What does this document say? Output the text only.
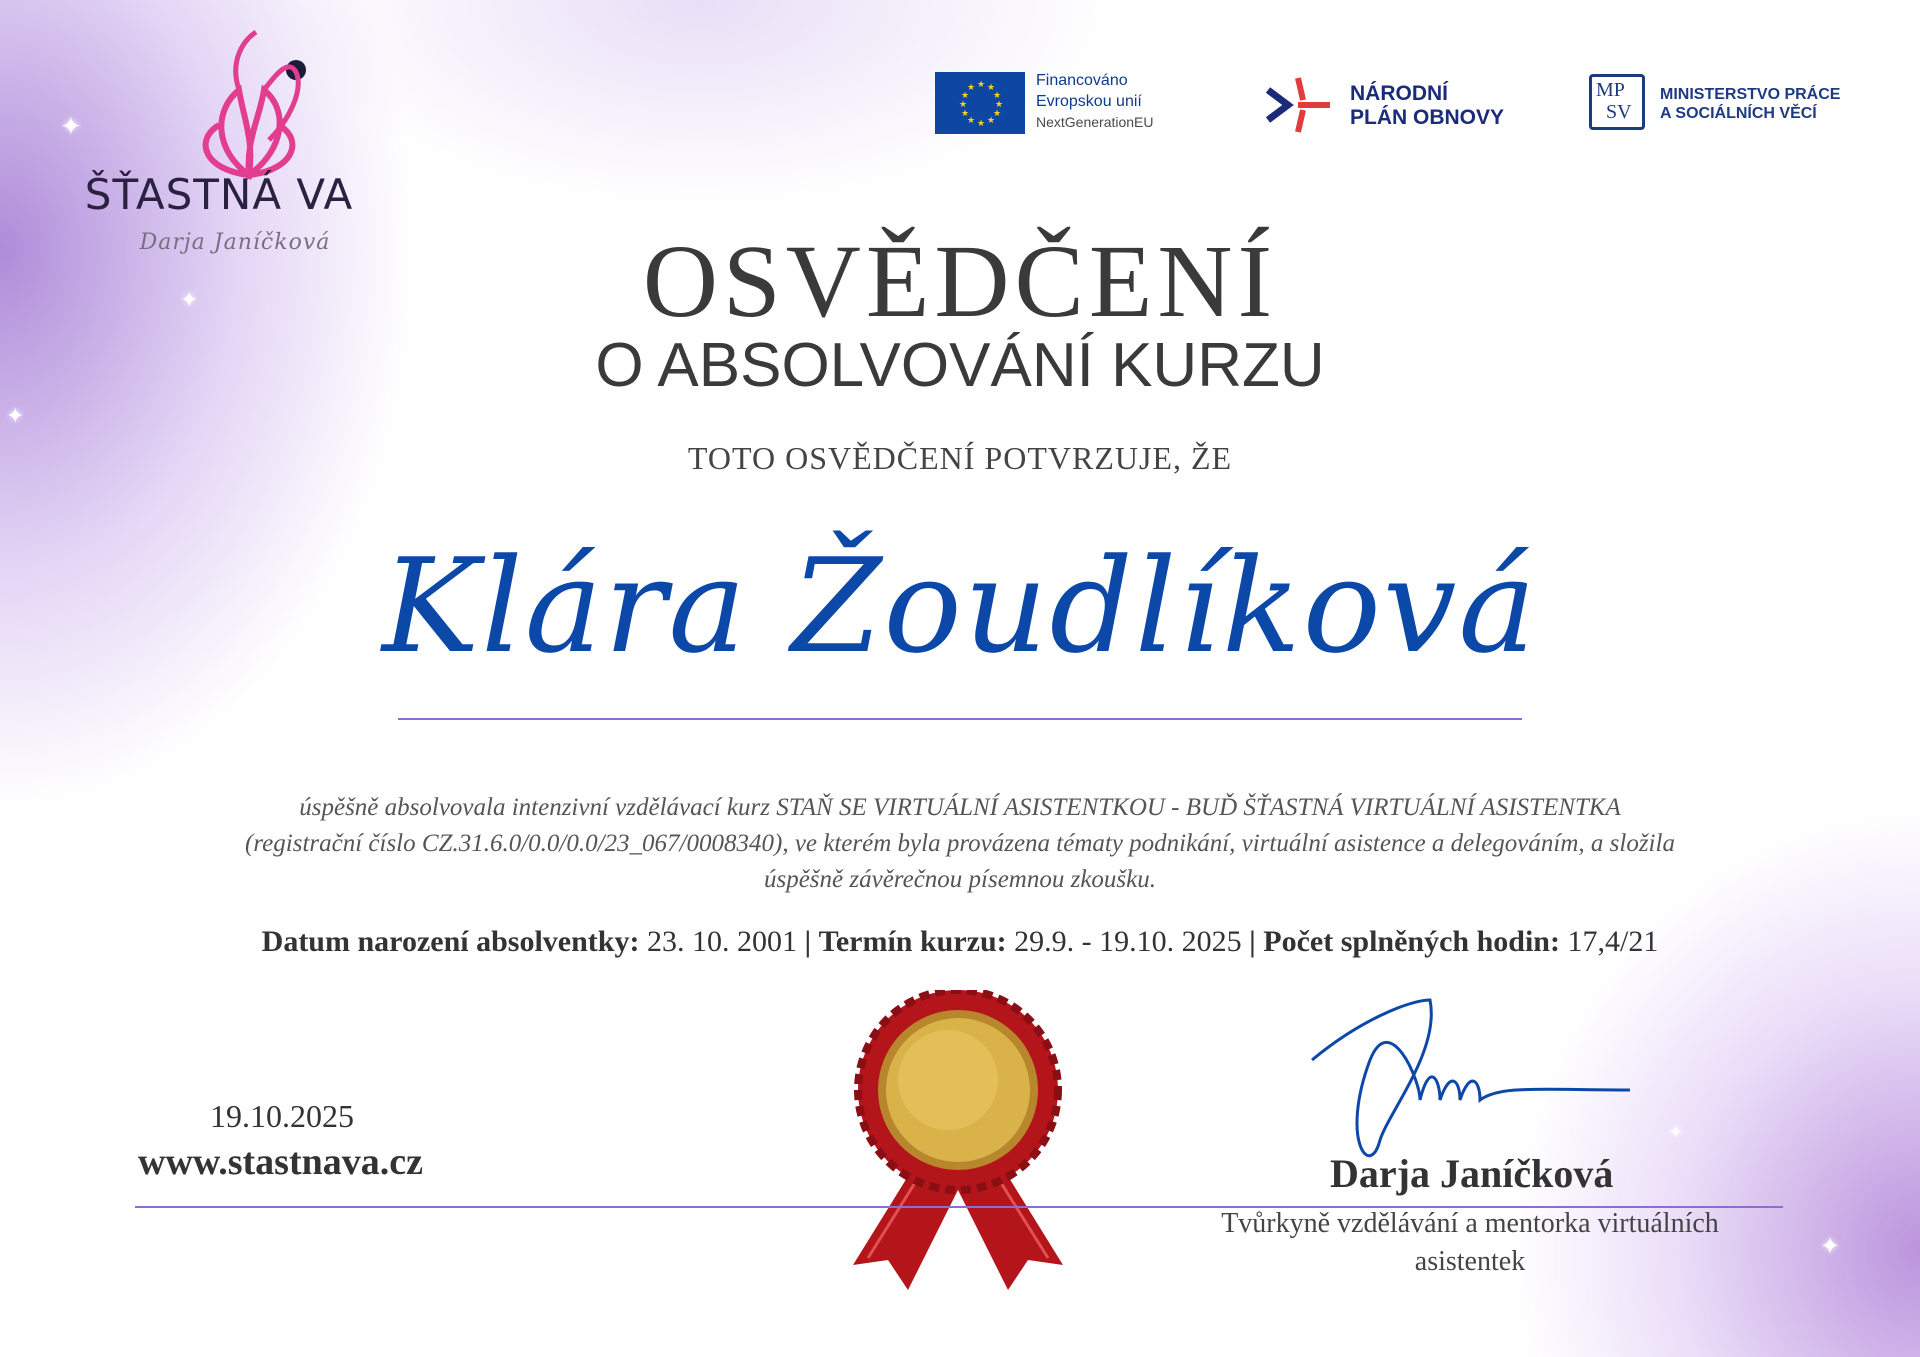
✦
✦
✦
✦
✦
ŠŤASTNÁ VA
Darja Janíčková
★ ★
★
★
★
★
★
★
★
★
★
★	Financováno
Evropskou unií
NextGenerationEU
NÁRODNÍ
PLÁN OBNOVY
MP
SV
MINISTERSTVO PRÁCE
A SOCIÁLNÍCH VĚCÍ
OSVĚDČENÍ
O ABSOLVOVÁNÍ KURZU
TOTO OSVĚDČENÍ POTVRZUJE, ŽE
Klára Žoudlíková
úspěšně absolvovala intenzivní vzdělávací kurz STAŇ SE VIRTUÁLNÍ ASISTENTKOU - BUĎ ŠŤASTNÁ VIRTUÁLNÍ ASISTENTKA (registrační číslo CZ.31.6.0/0.0/0.0/23_067/0008340), ve kterém byla provázena tématy podnikání, virtuální asistence a delegováním, a složila úspěšně závěrečnou písemnou zkoušku.
Datum narození absolventky: 23. 10. 2001 | Termín kurzu: 29.9. - 19.10. 2025 | Počet splněných hodin: 17,4/21
19.10.2025
www.stastnava.cz	Darja Janíčková
Tvůrkyně vzdělávání a mentorka virtuálních asistentek
